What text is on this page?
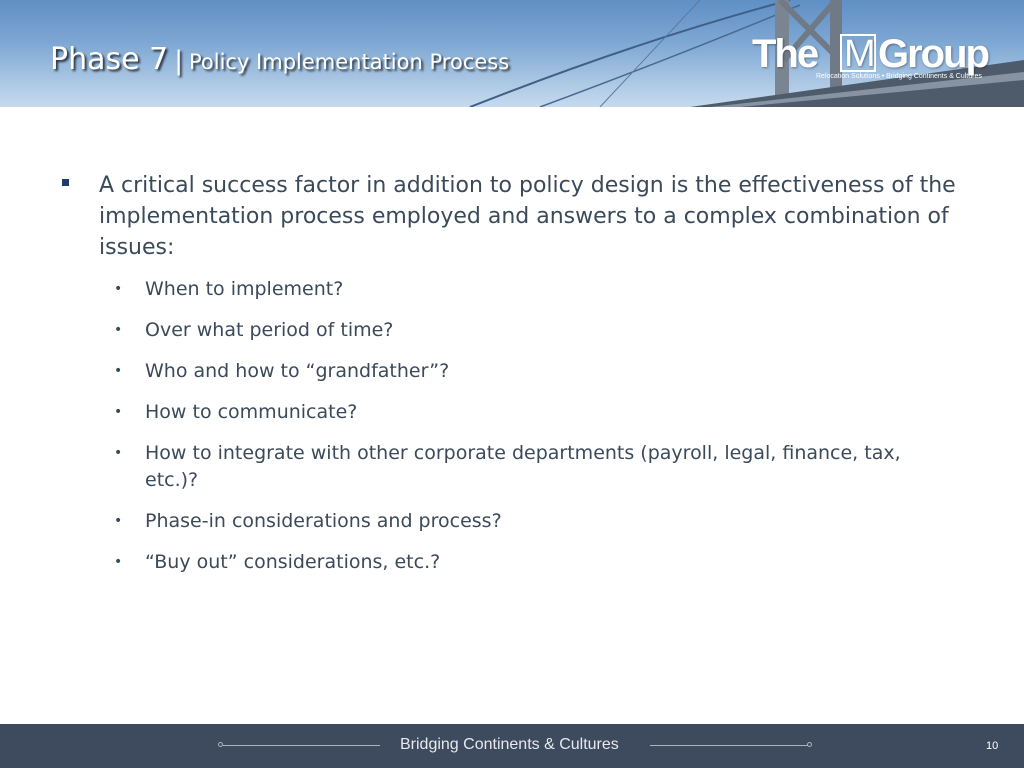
Phase 7 | Policy Implementation Process	The M Group
Relocation Solutions • Bridging Continents & Cultures
A critical success factor in addition to policy design is the effectiveness of the implementation process employed and answers to a complex combination of issues:
• When to implement?
• Over what period of time?
• Who and how to “grandfather”?
• How to communicate?
• How to integrate with other corporate departments (payroll, legal, finance, tax, etc.)?
• Phase-in considerations and process?
• “Buy out” considerations, etc.?
Bridging Continents & Cultures	10
